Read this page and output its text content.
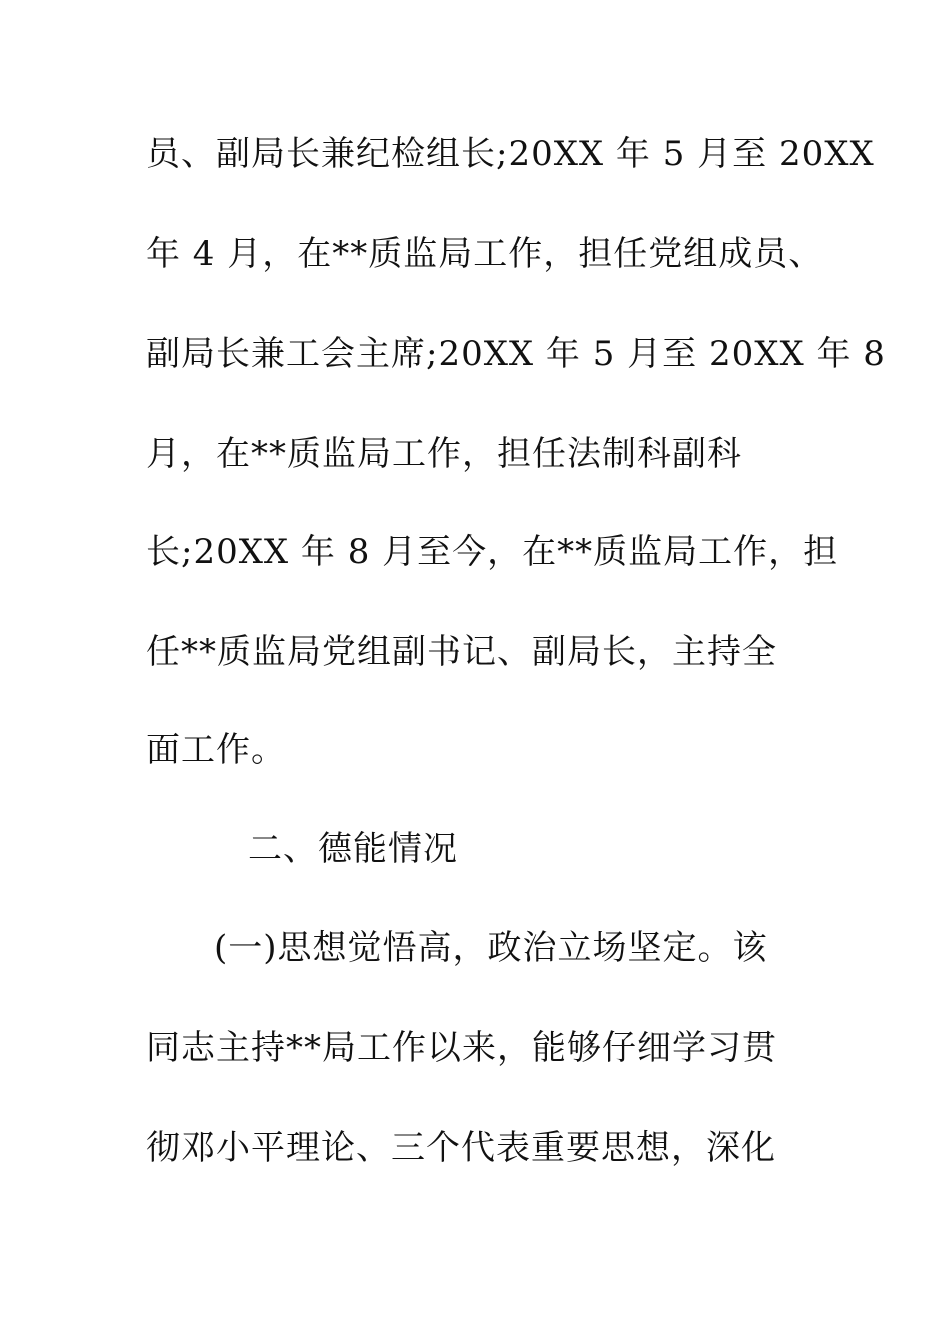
员、副局长兼纪检组长;20XX 年 5 月至 20XX
年 4 月，在**质监局工作，担任党组成员、
副局长兼工会主席;20XX 年 5 月至 20XX 年 8
月，在**质监局工作，担任法制科副科
长;20XX 年 8 月至今，在**质监局工作，担
任**质监局党组副书记、副局长，主持全
面工作。
二、德能情况
(一)思想觉悟高，政治立场坚定。该
同志主持**局工作以来，能够仔细学习贯
彻邓小平理论、三个代表重要思想，深化
